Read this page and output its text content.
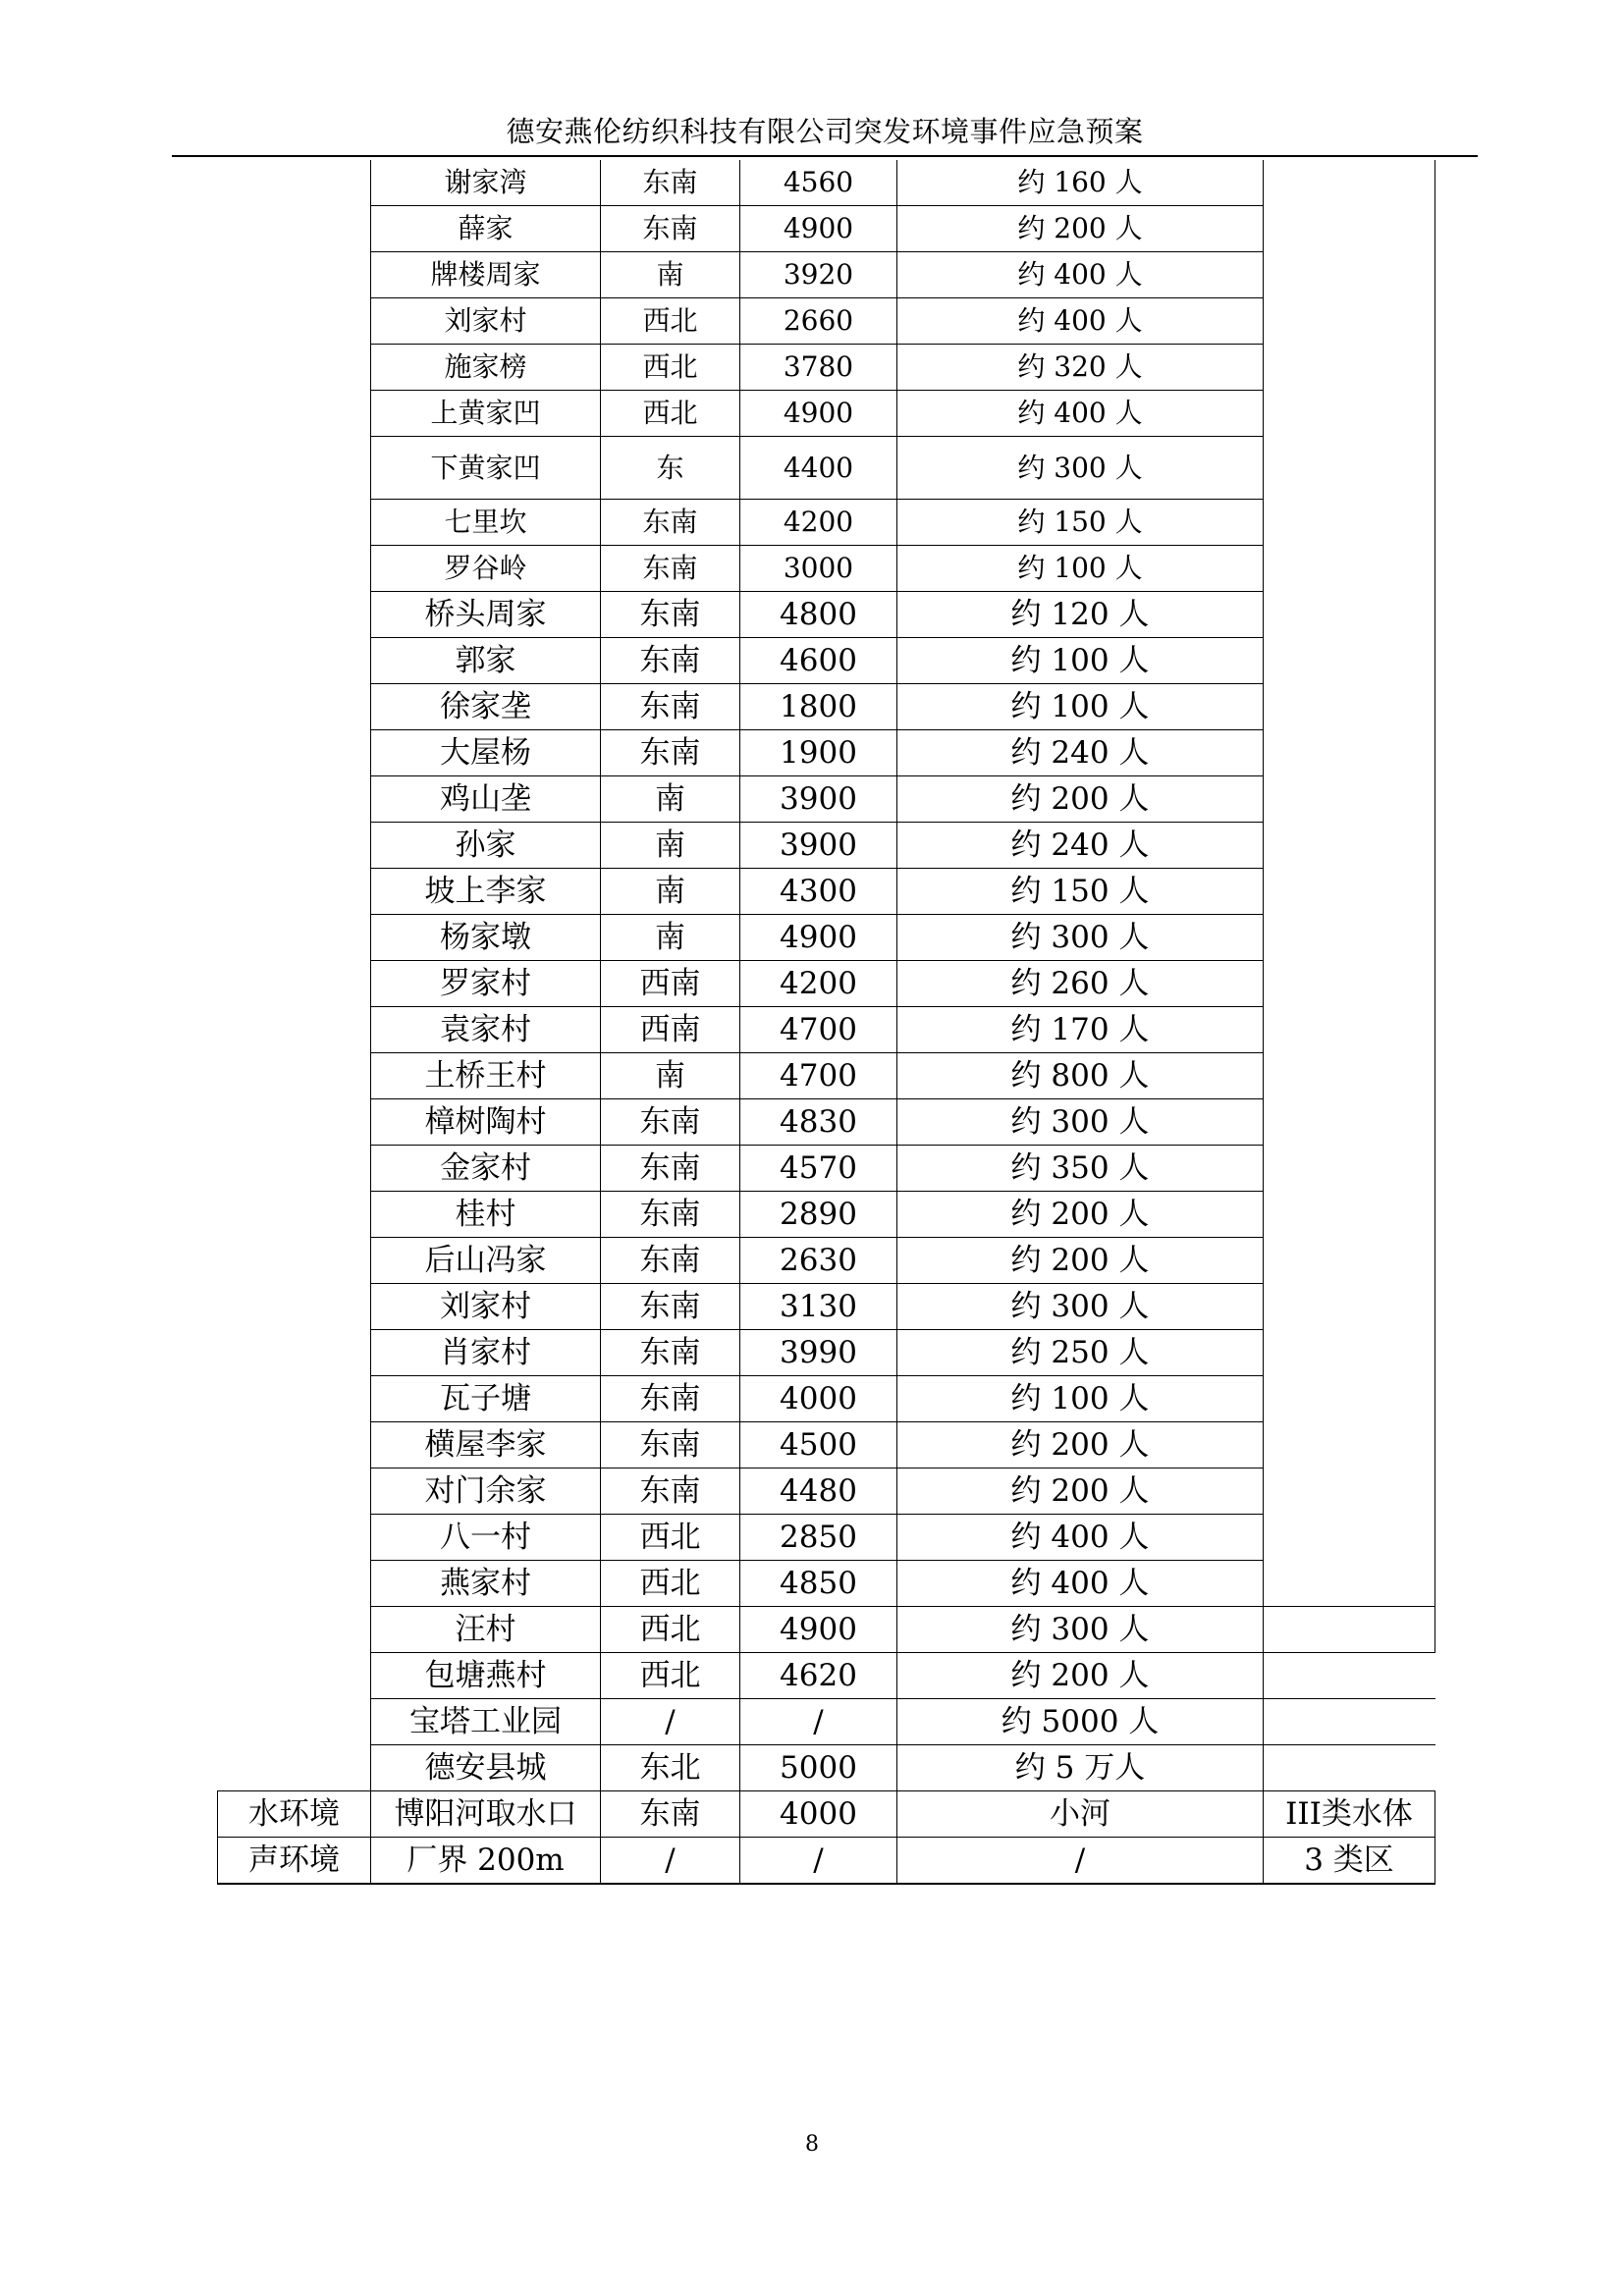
德安燕伦纺织科技有限公司突发环境事件应急预案
	谢家湾	东南	4560	约 160 人	
	薛家	东南	4900	约 200 人	
	牌楼周家	南	3920	约 400 人	
	刘家村	西北	2660	约 400 人	
	施家榜	西北	3780	约 320 人	
	上黄家凹	西北	4900	约 400 人	
	下黄家凹	东	4400	约 300 人	
	七里坎	东南	4200	约 150 人	
	罗谷岭	东南	3000	约 100 人	
	桥头周家	东南	4800	约 120 人	
	郭家	东南	4600	约 100 人	
	徐家垄	东南	1800	约 100 人	
	大屋杨	东南	1900	约 240 人	
	鸡山垄	南	3900	约 200 人	
	孙家	南	3900	约 240 人	
	坡上李家	南	4300	约 150 人	
	杨家墩	南	4900	约 300 人	
	罗家村	西南	4200	约 260 人	
	袁家村	西南	4700	约 170 人	
	土桥王村	南	4700	约 800 人	
	樟树陶村	东南	4830	约 300 人	
	金家村	东南	4570	约 350 人	
	桂村	东南	2890	约 200 人	
	后山冯家	东南	2630	约 200 人	
	刘家村	东南	3130	约 300 人	
	肖家村	东南	3990	约 250 人	
	瓦子塘	东南	4000	约 100 人	
	横屋李家	东南	4500	约 200 人	
	对门余家	东南	4480	约 200 人	
	八一村	西北	2850	约 400 人	
	燕家村	西北	4850	约 400 人	
	汪村	西北	4900	约 300 人	
	包塘燕村	西北	4620	约 200 人	
	宝塔工业园	/	/	约 5000 人	
	德安县城	东北	5000	约 5 万人	
水环境	博阳河取水口	东南	4000	小河	III类水体
声环境	厂界 200m	/	/	/	3 类区
8
